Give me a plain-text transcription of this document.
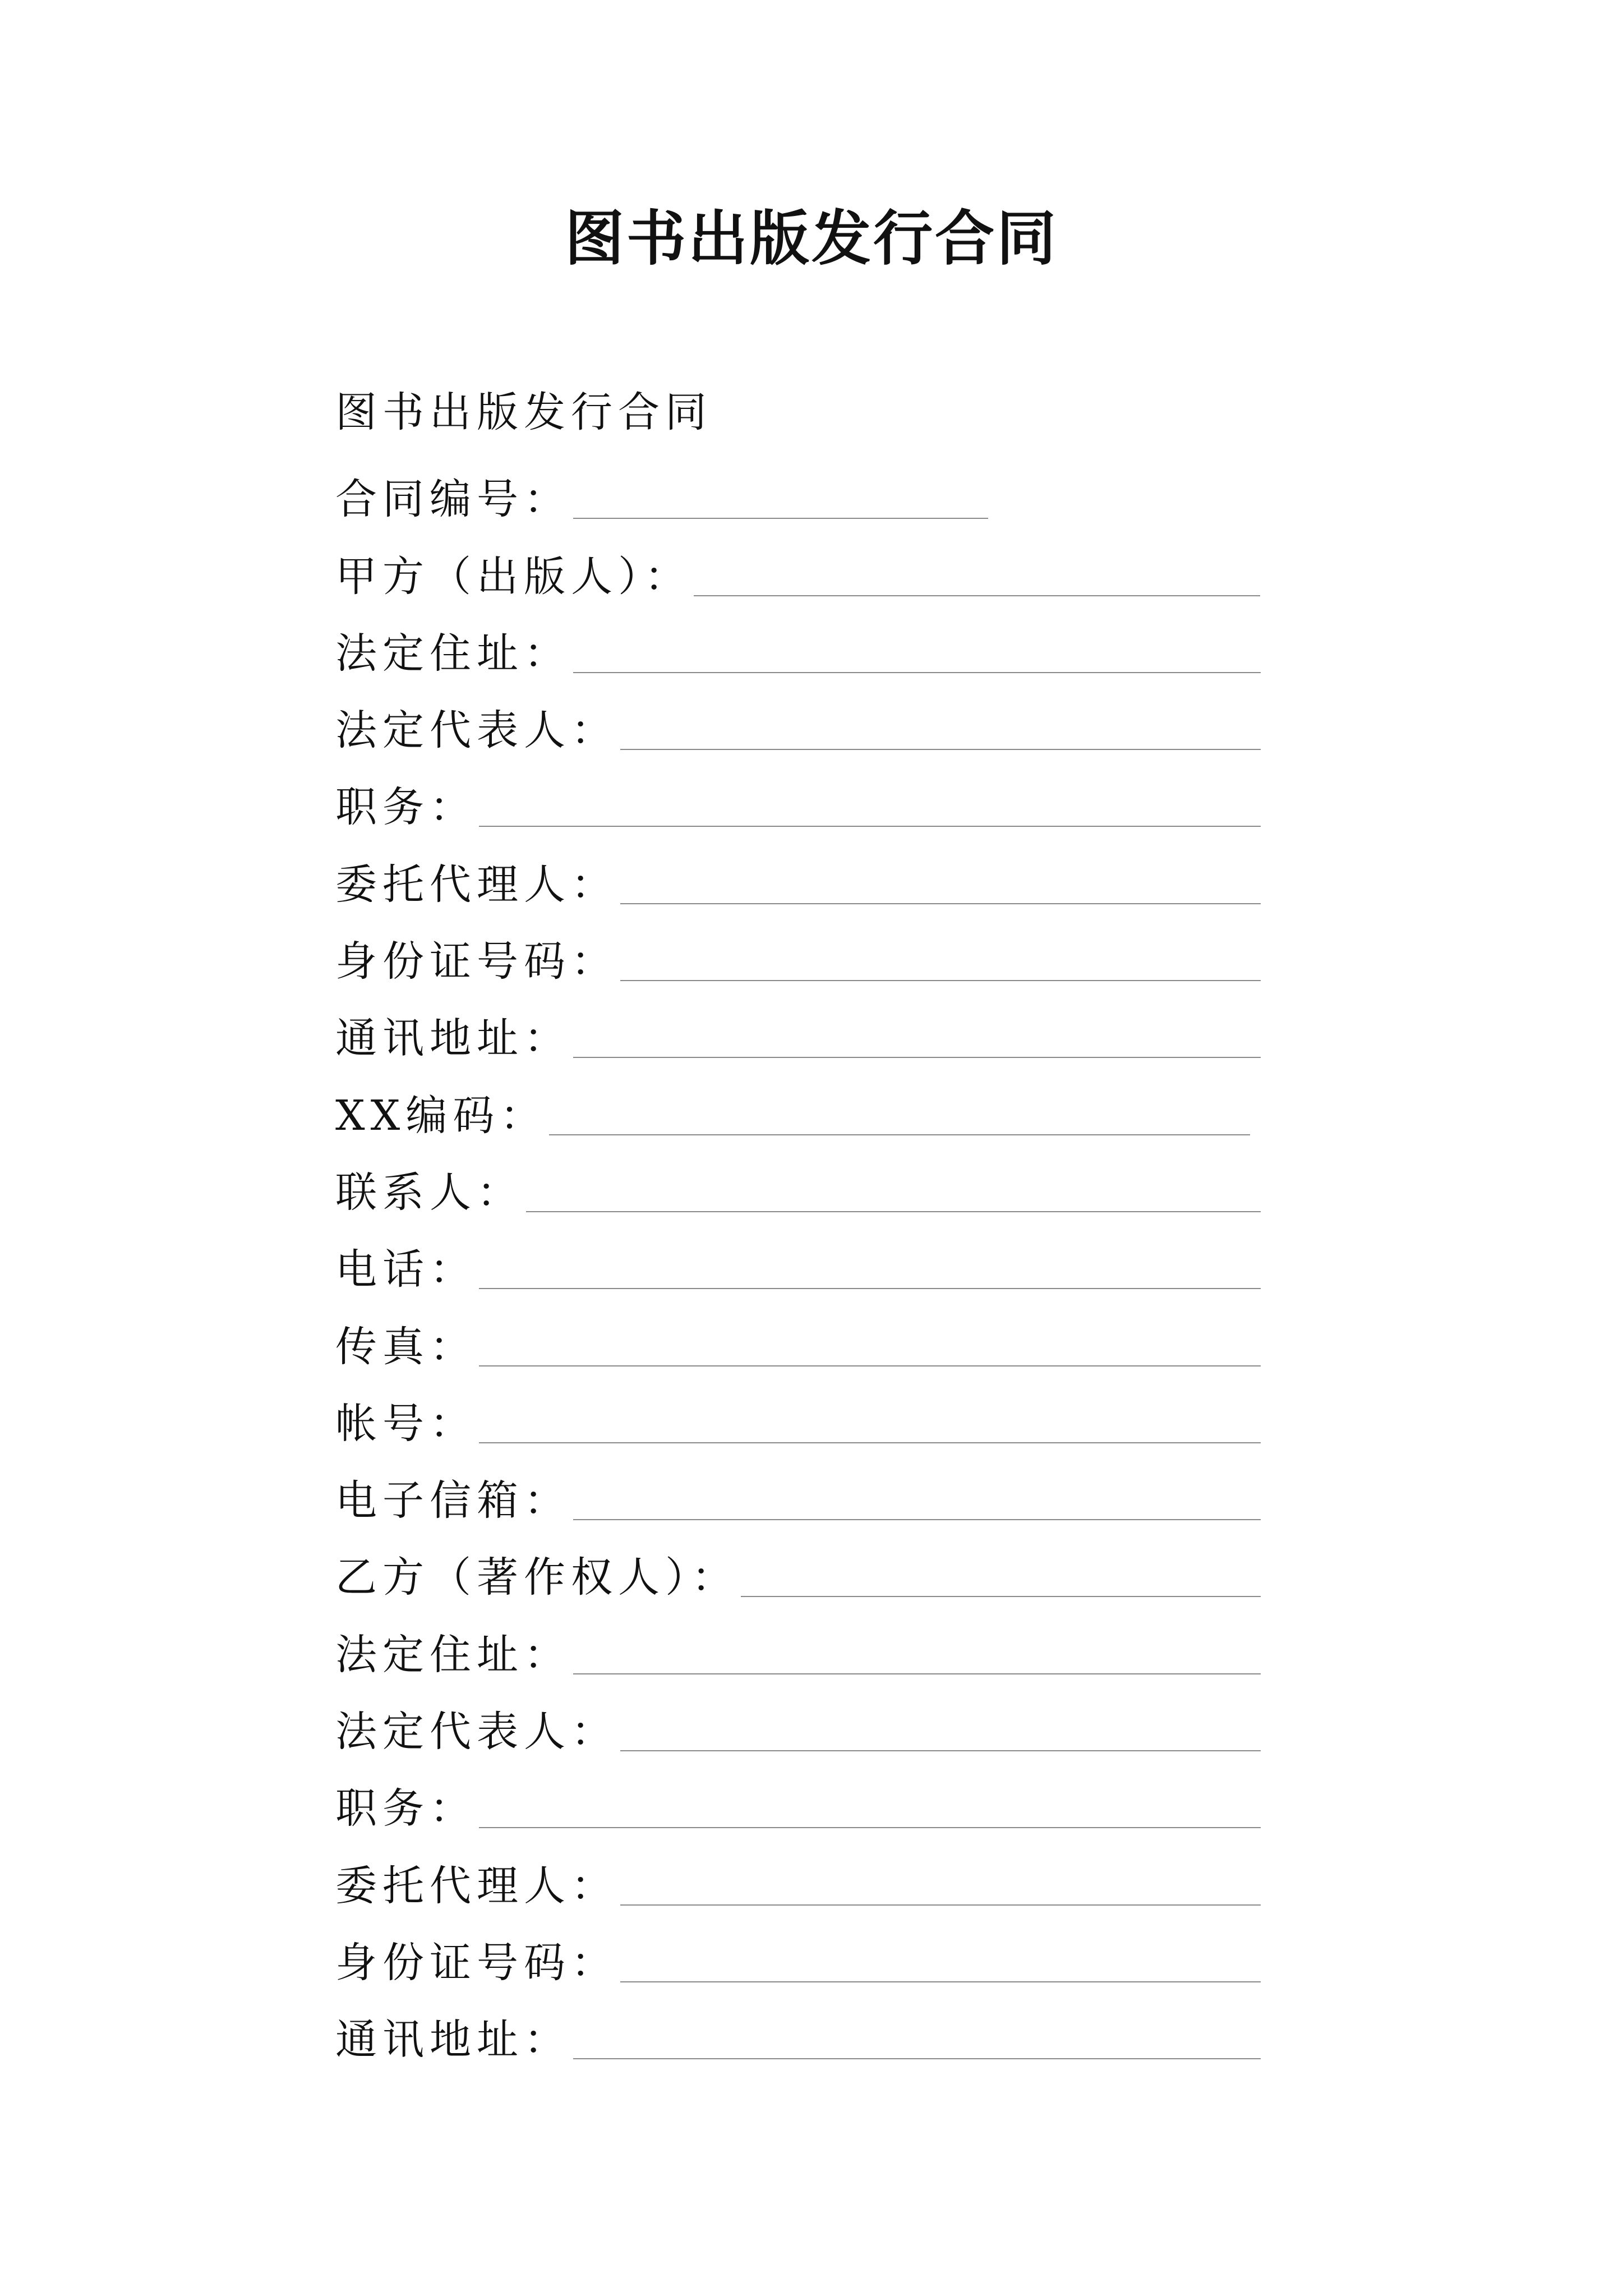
图书出版发行合同
图书出版发行合同
合同编号：
甲方（出版人）：
法定住址：
法定代表人：
职务：
委托代理人：
身份证号码：
通讯地址：
XX编码：
联系人：
电话：
传真：
帐号：
电子信箱：
乙方（著作权人）：
法定住址：
法定代表人：
职务：
委托代理人：
身份证号码：
通讯地址：
